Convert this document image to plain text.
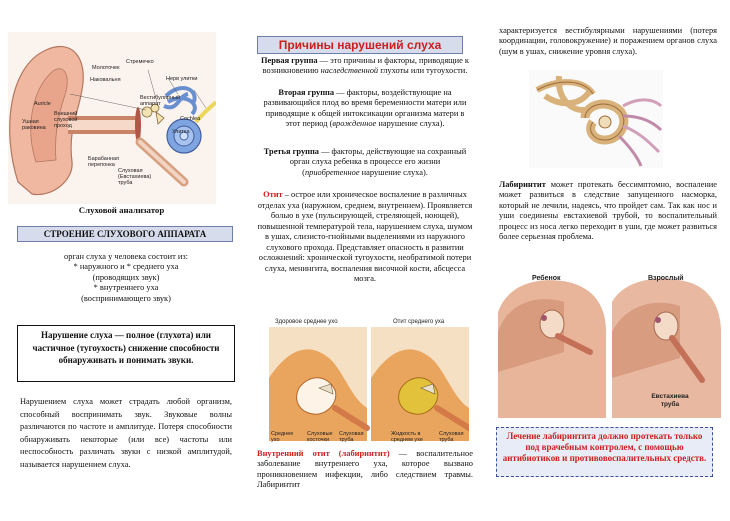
Молоточек
Стремечко
Наковальня	Нерв улитки
Вестибулярный аппарат
Cochlea
Улитка
Auricle
Ушная раковина
Внешний слуховой проход
Барабанная перепонка
Слуховая (Евстахиева) труба
Слуховой анализатор
СТРОЕНИЕ СЛУХОВОГО АППАРАТА
орган слуха у человека состоит из:
* наружного и * среднего уха
(проводящих звук)
* внутреннего уха
(воспринимающего звук)
Нарушение слуха — полное (глухота) или частичное (тугоухость) снижение способности обнаруживать и понимать звуки.
Нарушением слуха может страдать любой организм, способный воспринимать звук. Звуковые волны различаются по частоте и амплитуде. Потеря способности обнаруживать некоторые (или все) частоты или неспособность различать звуки с низкой амплитудой, называется нарушением слуха.
Причины нарушений слуха
Первая группа — это причины и факторы, приводящие к возникновению наследственной глухоты или тугоухости.
Вторая группа — факторы, воздействующие на развивающийся плод во время беременности матери или приводящие к общей интоксикации организма матери в этот период (врожденное нарушение слуха).
Третья группа — факторы, действующие на сохранный орган слуха ребенка в процессе его жизни (приобретенное нарушение слуха).
Отит – острое или хроническое воспаление в различных отделах уха (наружном, среднем, внутреннем). Проявляется болью в ухе (пульсирующей, стреляющей, ноющей), повышенной температурой тела, нарушением слуха, шумом в ушах, слизисто-гнойными выделениями из наружного слухового прохода. Представляет опасность в развитии осложнений: хронической тугоухости, необратимой потери слуха, менингита, воспаления височной кости, абсцесса мозга.
Здоровое среднее ухо	Отит среднего уха
Среднее ухо
Слуховые косточки
Слуховая труба
Жидкость в среднем ухе
Слуховая труба
Внутренний отит (лабиринтит) — воспалительное заболевание внутреннего уха, которое вызвано проникновением инфекции, либо следствием травмы. Лабиринтит
характеризуется вестибулярными нарушениями (потеря координации, головокружение) и поражением органов слуха (шум в ушах, снижение уровня слуха).
Лабиринтит может протекать бессимптомно, воспаление может развиться в следствие запущенного насморка, который не лечили, надеясь, что пройдет сам. Так как нос и уши соединены евстахиевой трубой, то воспалительный процесс из носа легко переходит в уши, где может развиться более серьезная проблема.
Ребенок	Взрослый
Евстахиева труба
Лечение лабиринтита должно протекать только под врачебным контролем, с помощью антибиотиков и противовоспалительных средств.
